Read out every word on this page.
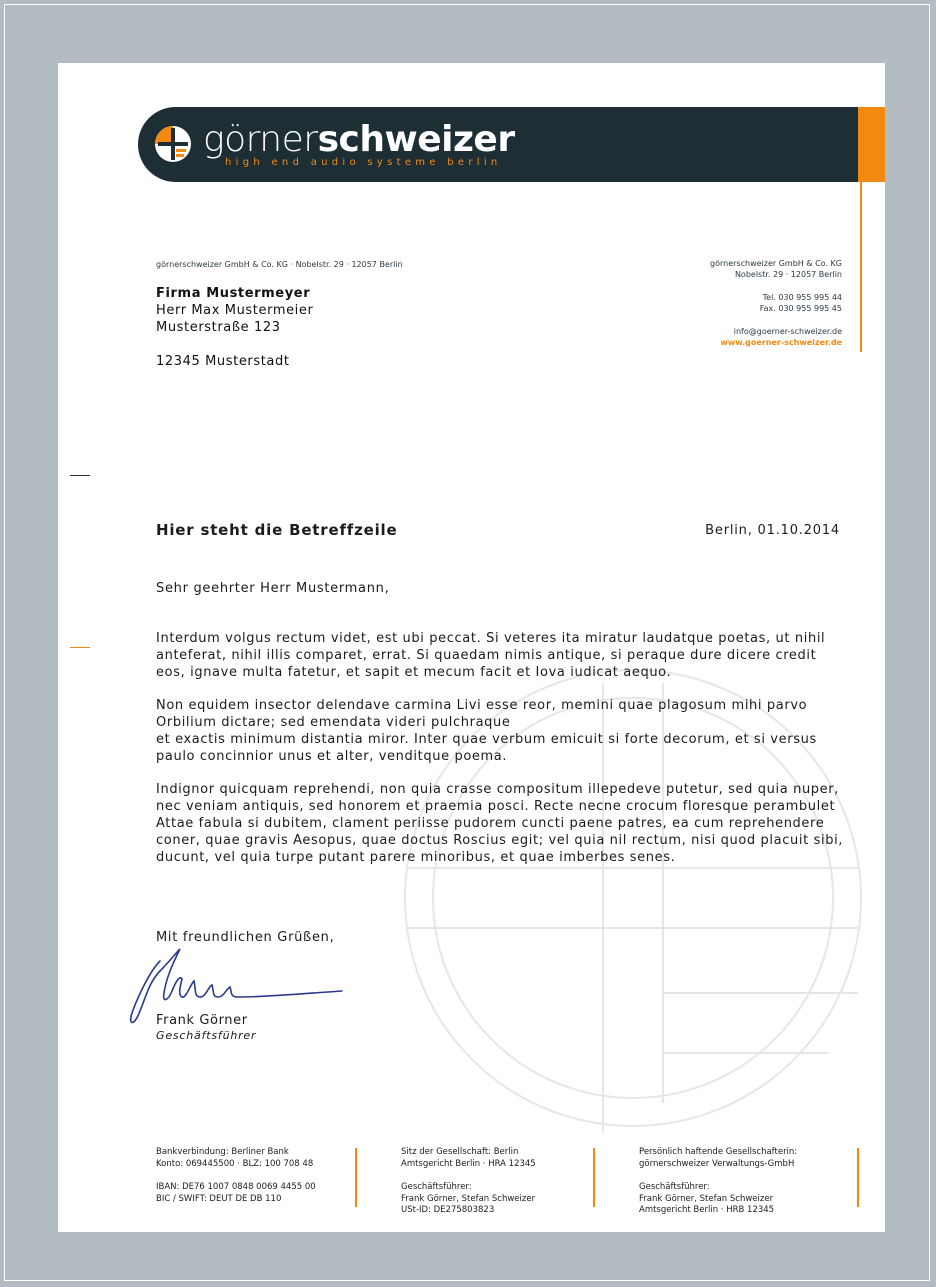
görnerschweizer
high end audio systeme berlin
görnerschweizer GmbH & Co. KG · Nobelstr. 29 · 12057 Berlin
Firma Mustermeyer
Herr Max Mustermeier
Musterstraße 123
12345 Musterstadt
görnerschweizer GmbH & Co. KG
Nobelstr. 29 · 12057 Berlin
Tel. 030 955 995 44
Fax. 030 955 995 45
info@goerner-schweizer.de
www.goerner-schweizer.de
Hier steht die Betreffzeile	Berlin, 01.10.2014
Sehr geehrter Herr Mustermann,

Interdum volgus rectum videt, est ubi peccat. Si veteres ita miratur laudatque poetas, ut nihil anteferat, nihil illis comparet, errat. Si quaedam nimis antique, si peraque dure dicere credit eos, ignave multa fatetur, et sapit et mecum facit et Iova iudicat aequo.

Non equidem insector delendave carmina Livi esse reor, memini quae plagosum mihi parvo Orbilium dictare; sed emendata videri pulchraque

et exactis minimum distantia miror. Inter quae verbum emicuit si forte decorum, et si versus paulo concinnior unus et alter, venditque poema.

Indignor quicquam reprehendi, non quia crasse compositum illepedeve putetur, sed quia nuper, nec veniam antiquis, sed honorem et praemia posci. Recte necne crocum floresque perambulet Attae fabula si dubitem, clament periisse pudorem cuncti paene patres, ea cum reprehendere coner, quae gravis Aesopus, quae doctus Roscius egit; vel quia nil rectum, nisi quod placuit sibi, ducunt, vel quia turpe putant parere minoribus, et quae imberbes senes.

Mit freundlichen Grüßen,
Frank Görner
Geschäftsführer
Bankverbindung: Berliner Bank
Konto: 069445500 · BLZ: 100 708 48
IBAN: DE76 1007 0848 0069 4455 00
BIC / SWIFT: DEUT DE DB 110
Sitz der Gesellschaft: Berlin
Amtsgericht Berlin · HRA 12345
Geschäftsführer:
Frank Görner, Stefan Schweizer
USt-ID: DE275803823
Persönlich haftende Gesellschafterin:
görnerschweizer Verwaltungs-GmbH
Geschäftsführer:
Frank Görner, Stefan Schweizer
Amtsgericht Berlin · HRB 12345
